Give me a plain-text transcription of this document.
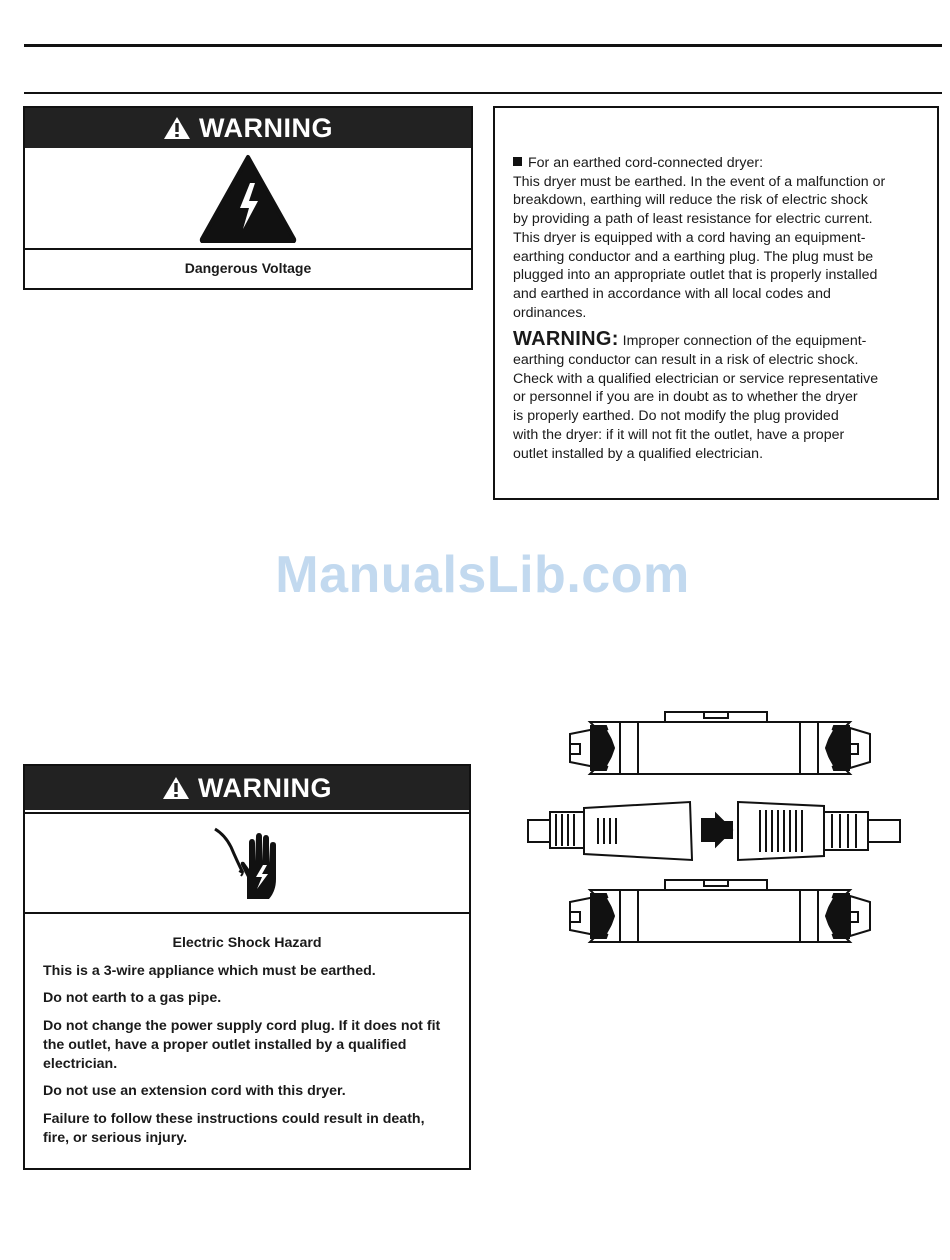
WARNING
Dangerous Voltage

For an earthed cord-connected dryer:

This dryer must be earthed. In the event of a malfunction or

breakdown, earthing will reduce the risk of electric shock

by providing a path of least resistance for electric current.

This dryer is equipped with a cord having an equipment-

earthing conductor and a earthing plug. The plug must be

plugged into an appropriate outlet that is properly installed

and earthed in accordance with all local codes and

ordinances.

WARNING: Improper connection of the equipment-

earthing conductor can result in a risk of electric shock.

Check with a qualified electrician or service representative

or personnel if you are in doubt as to whether the dryer

is properly earthed. Do not modify the plug provided

with the dryer: if it will not fit the outlet, have a proper

outlet installed by a qualified electrician.

ManualsLib.com
WARNING
Electric Shock Hazard

This is a 3-wire appliance which must be earthed.

Do not earth to a gas pipe.

Do not change the power supply cord plug. If it does not fit the outlet, have a proper outlet installed by a qualified electrician.

Do not use an extension cord with this dryer.

Failure to follow these instructions could result in death, fire, or serious injury.
